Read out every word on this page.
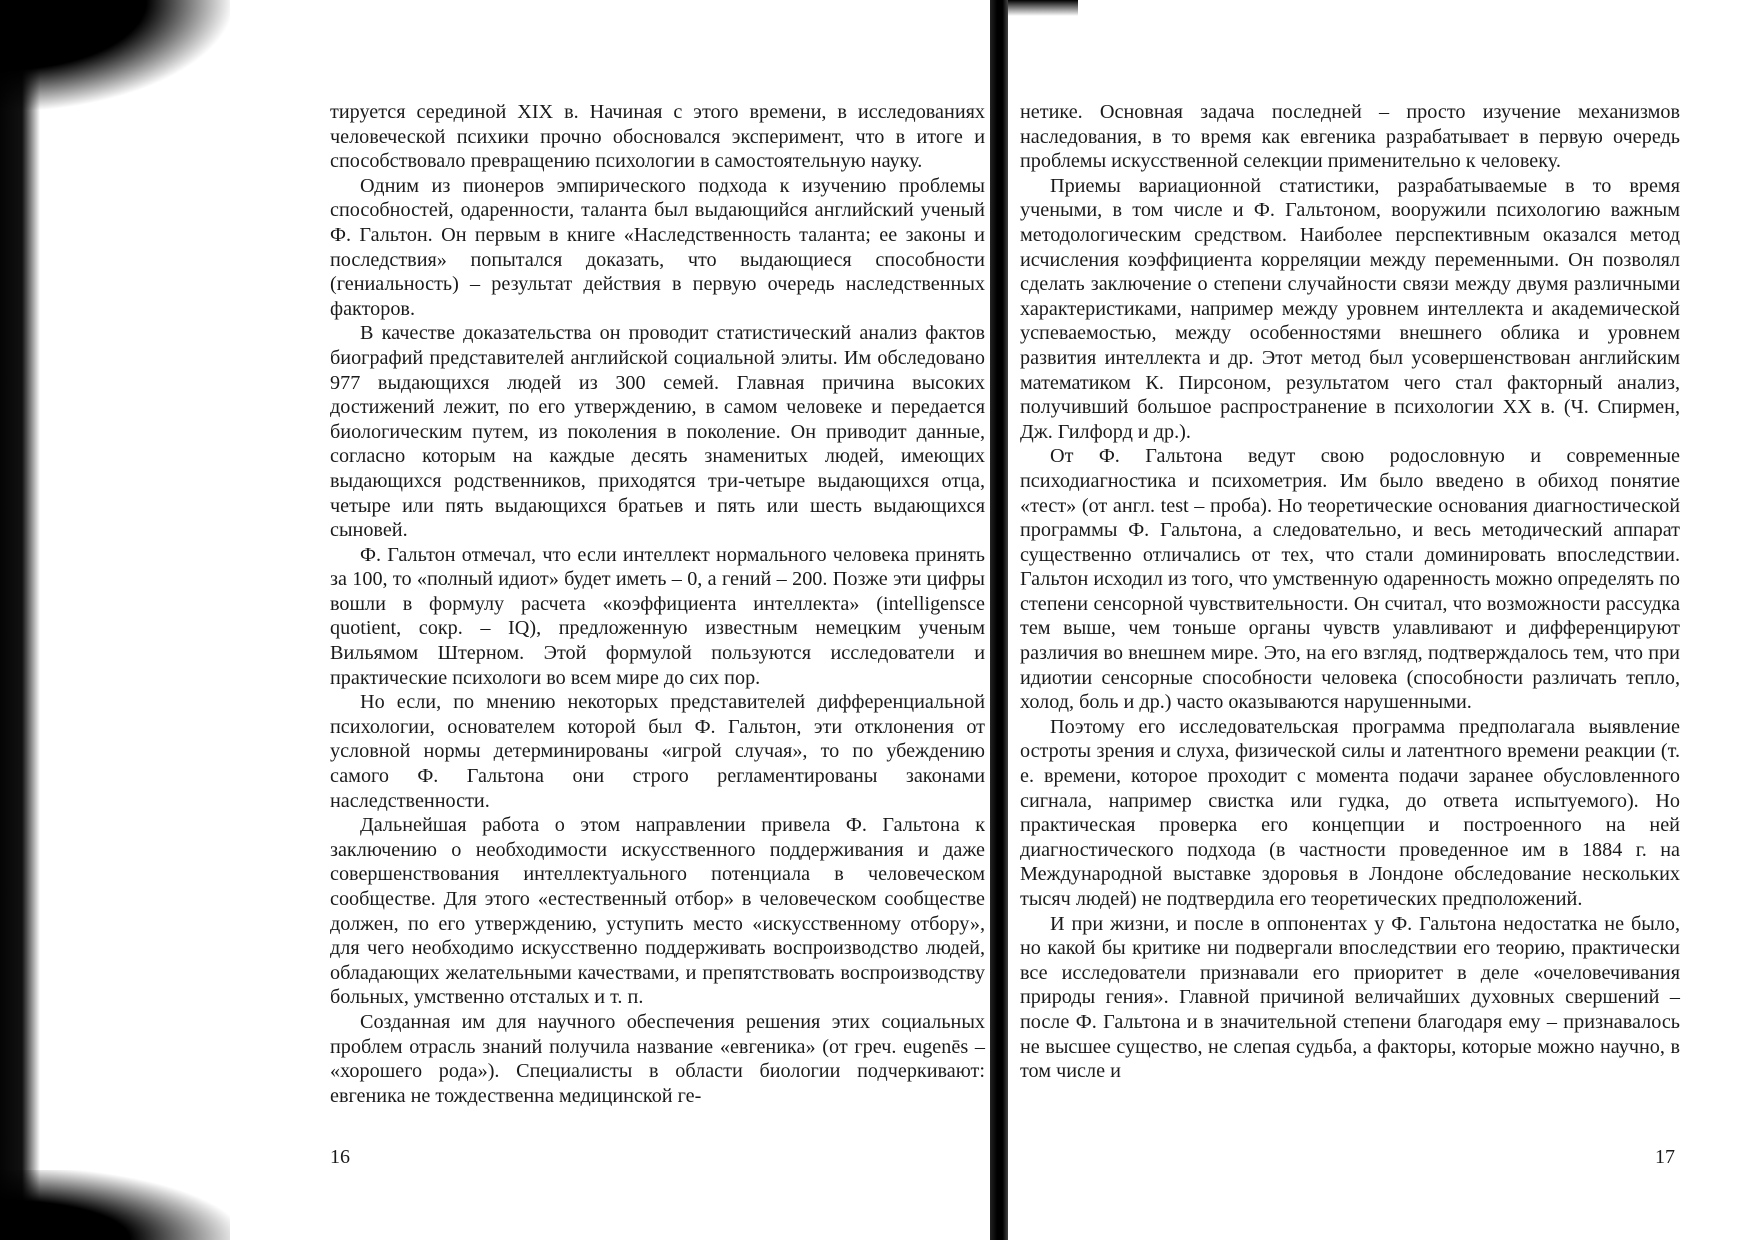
тируется серединой XIX в. Начиная с этого времени, в исследованиях человеческой психики прочно обосновался эксперимент, что в итоге и способствовало превращению психологии в самостоятельную науку.

Одним из пионеров эмпирического подхода к изучению проблемы способностей, одаренности, таланта был выдающийся английский ученый Ф. Гальтон. Он первым в книге «Наследственность таланта; ее законы и последствия» попытался доказать, что выдающиеся способности (гениальность) – результат действия в первую очередь наследственных факторов.

В качестве доказательства он проводит статистический анализ фактов биографий представителей английской социальной элиты. Им обследовано 977 выдающихся людей из 300 семей. Главная причина высоких достижений лежит, по его утверждению, в самом человеке и передается биологическим путем, из поколения в поколение. Он приводит данные, согласно которым на каждые десять знаменитых людей, имеющих выдающихся родственников, приходятся три-четыре выдающихся отца, четыре или пять выдающихся братьев и пять или шесть выдающихся сыновей.

Ф. Гальтон отмечал, что если интеллект нормального человека принять за 100, то «полный идиот» будет иметь – 0, а гений – 200. Позже эти цифры вошли в формулу расчета «коэффициента интеллекта» (intelligensce quotient, сокр. – IQ), предложенную известным немецким ученым Вильямом Штерном. Этой формулой пользуются исследователи и практические психологи во всем мире до сих пор.

Но если, по мнению некоторых представителей дифференциальной психологии, основателем которой был Ф. Гальтон, эти отклонения от условной нормы детерминированы «игрой случая», то по убеждению самого Ф. Гальтона они строго регламентированы законами наследственности.

Дальнейшая работа о этом направлении привела Ф. Гальтона к заключению о необходимости искусственного поддерживания и даже совершенствования интеллектуального потенциала в человеческом сообществе. Для этого «естественный отбор» в человеческом сообществе должен, по его утверждению, уступить место «искусственному отбору», для чего необходимо искусственно поддерживать воспроизводство людей, обладающих желательными качествами, и препятствовать воспроизводству больных, умственно отсталых и т. п.

Созданная им для научного обеспечения решения этих социальных проблем отрасль знаний получила название «евгеника» (от греч. eugenēs – «хорошего рода»). Специалисты в области биологии подчеркивают: евгеника не тождественна медицинской ге-

16

нетике. Основная задача последней – просто изучение механизмов наследования, в то время как евгеника разрабатывает в первую очередь проблемы искусственной селекции применительно к человеку.

Приемы вариационной статистики, разрабатываемые в то время учеными, в том числе и Ф. Гальтоном, вооружили психологию важным методологическим средством. Наиболее перспективным оказался метод исчисления коэффициента корреляции между переменными. Он позволял сделать заключение о степени случайности связи между двумя различными характеристиками, например между уровнем интеллекта и академической успеваемостью, между особенностями внешнего облика и уровнем развития интеллекта и др. Этот метод был усовершенствован английским математиком К. Пирсоном, результатом чего стал факторный анализ, получивший большое распространение в психологии XX в. (Ч. Спирмен, Дж. Гилфорд и др.).

От Ф. Гальтона ведут свою родословную и современные психодиагностика и психометрия. Им было введено в обиход понятие «тест» (от англ. test – проба). Но теоретические основания диагностической программы Ф. Гальтона, а следовательно, и весь методический аппарат существенно отличались от тех, что стали доминировать впоследствии. Гальтон исходил из того, что умственную одаренность можно определять по степени сенсорной чувствительности. Он считал, что возможности рассудка тем выше, чем тоньше органы чувств улавливают и дифференцируют различия во внешнем мире. Это, на его взгляд, подтверждалось тем, что при идиотии сенсорные способности человека (способности различать тепло, холод, боль и др.) часто оказываются нарушенными.

Поэтому его исследовательская программа предполагала выявление остроты зрения и слуха, физической силы и латентного времени реакции (т. е. времени, которое проходит с момента подачи заранее обусловленного сигнала, например свистка или гудка, до ответа испытуемого). Но практическая проверка его концепции и построенного на ней диагностического подхода (в частности проведенное им в 1884 г. на Международной выставке здоровья в Лондоне обследование нескольких тысяч людей) не подтвердила его теоретических предположений.

И при жизни, и после в оппонентах у Ф. Гальтона недостатка не было, но какой бы критике ни подвергали впоследствии его теорию, практически все исследователи признавали его приоритет в деле «очеловечивания природы гения». Главной причиной величайших духовных свершений – после Ф. Гальтона и в значительной степени благодаря ему – признавалось не высшее существо, не слепая судьба, а факторы, которые можно научно, в том числе и

17
